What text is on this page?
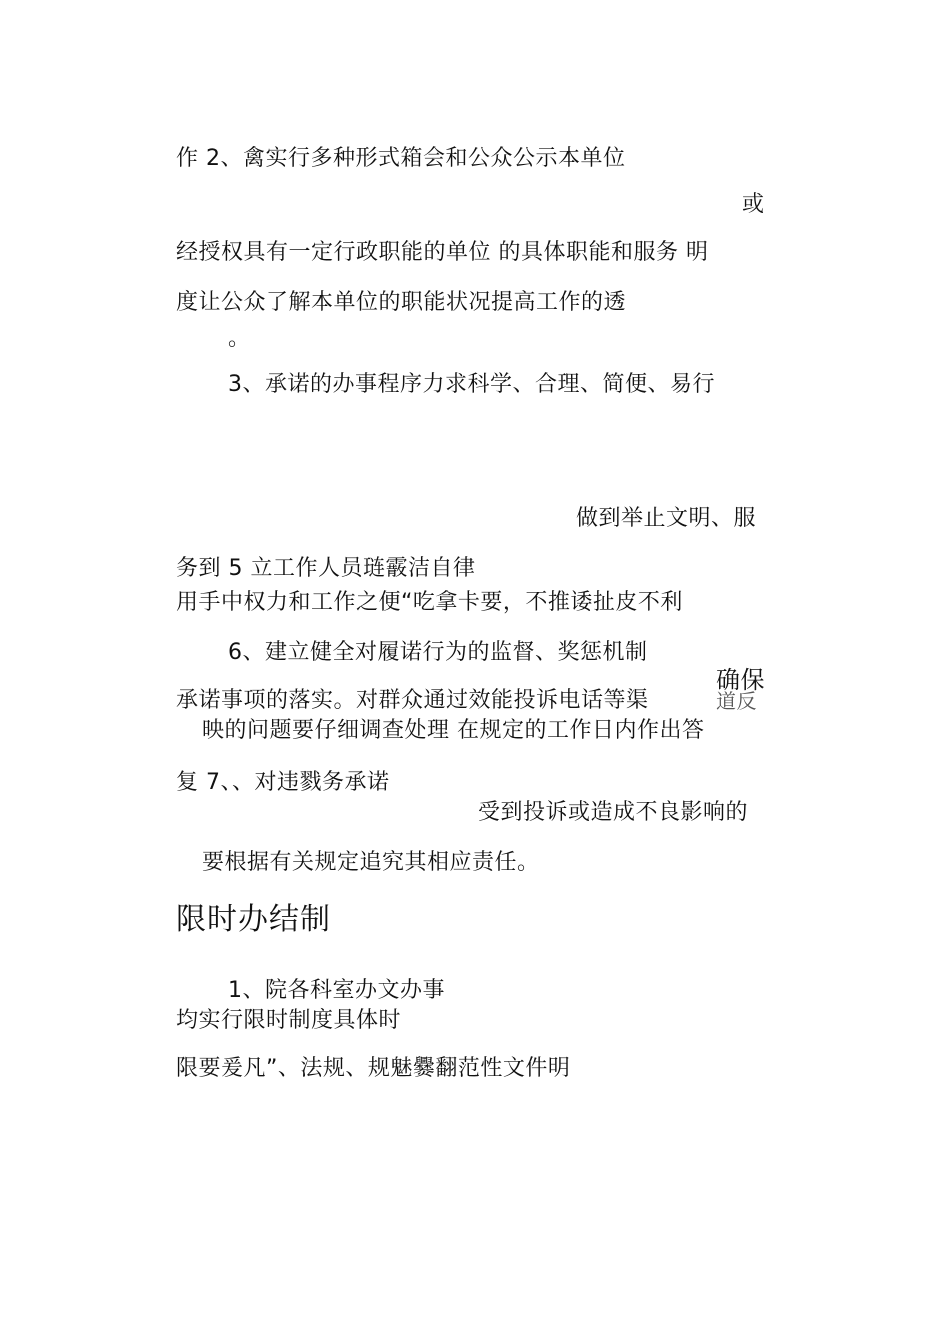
作 2、禽实行多种形式箱会和公众公示本单位
或
经授权具有一定行政职能的单位 的具体职能和服务 明
度让公众了解本单位的职能状况提高工作的透
。
3、承诺的办事程序力求科学、合理、简便、易行
做到举止文明、服
务到 5 立工作人员琏霰洁自律
用手中权力和工作之便“吃拿卡要，不推诿扯皮不利
6、建立健全对履诺行为的监督、奖惩机制
确保
承诺事项的落实。对群众通过效能投诉电话等渠	道反
映的问题要仔细调查处理 在规定的工作日内作出答
复 7、、对违戮务承诺
受到投诉或造成不良影响的
要根据有关规定追究其相应责任。
限时办结制
1、院各科室办文办事
均实行限时制度具体时
限要爰凡”、法规、规魅爨翻范性文件明
